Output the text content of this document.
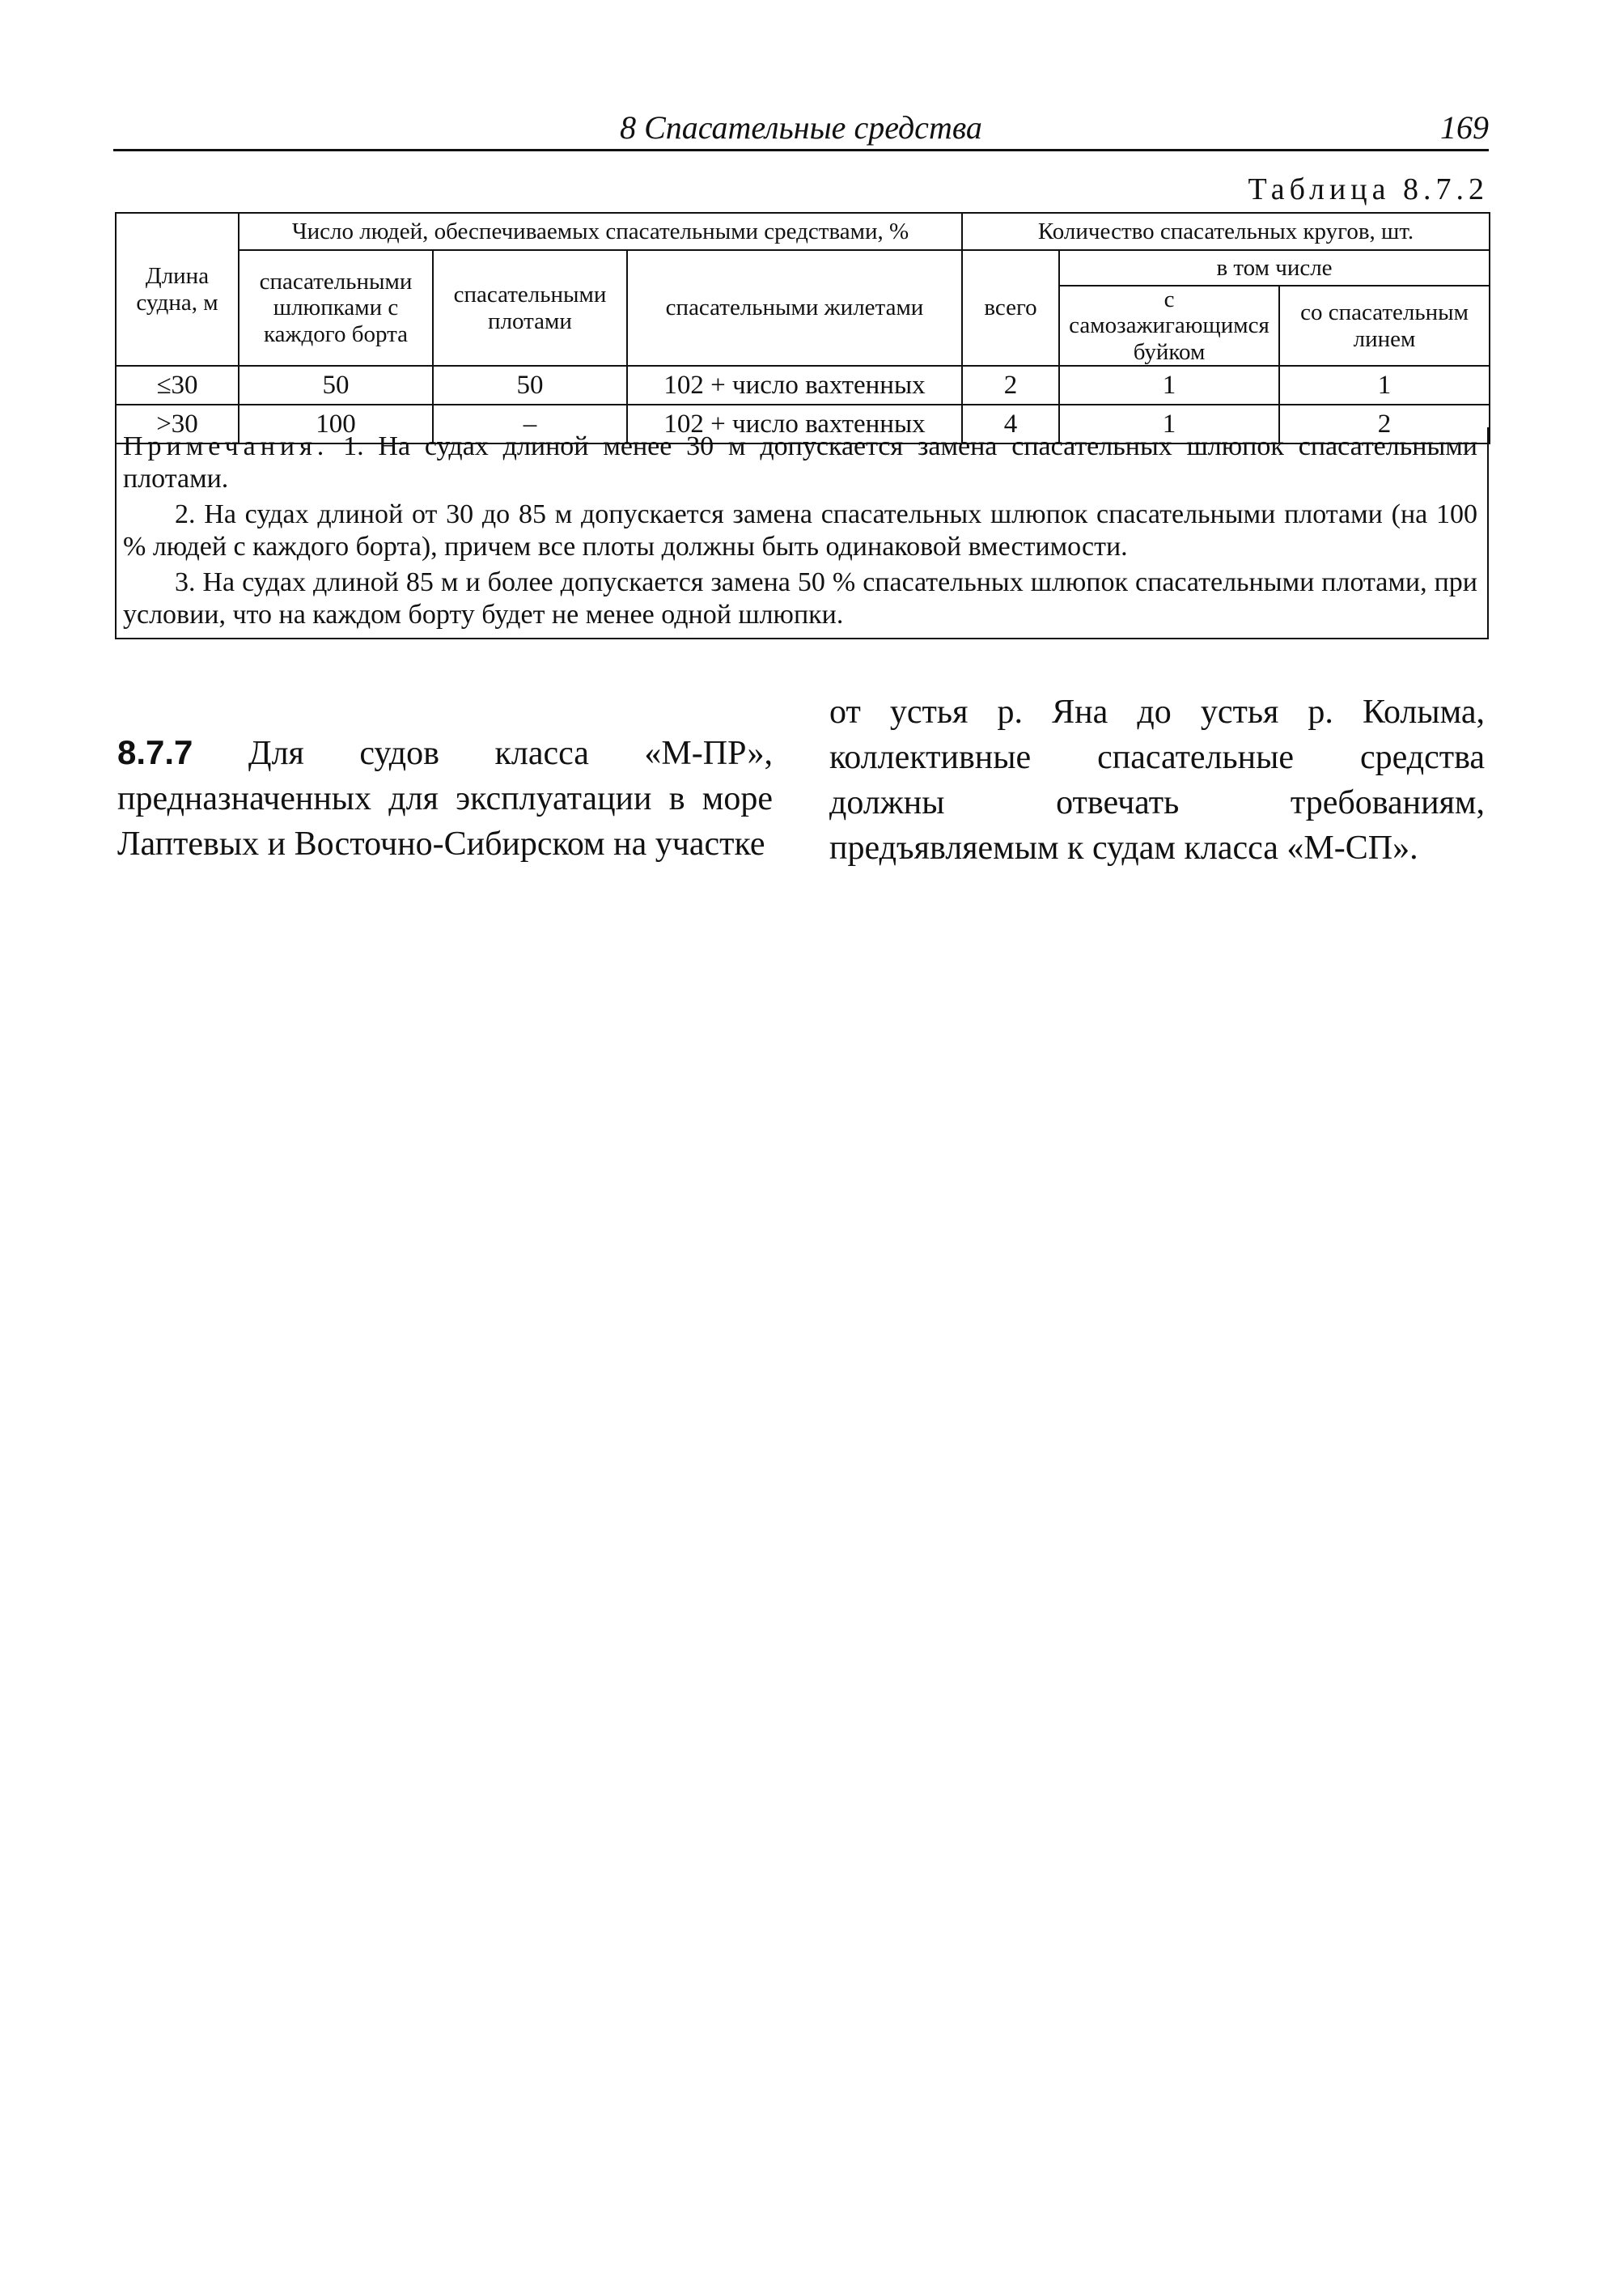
8 Спасательные средства	169
Таблица 8.7.2
Длина судна, м	Число людей, обеспечиваемых спасательными средствами, %			Количество спасательных кругов, шт.		
	спасательными шлюпками с каждого борта	спасательными плотами	спасательными жилетами	всего	в том числе	
					с самозажигающимся буйком	со спасательным линем
≤30	50	50	102 + число вахтенных	2	1	1
>30	100	–	102 + число вахтенных	4	1	2

Примечания. 1. На судах длиной менее 30 м допускается замена спасательных шлюпок спасательными плотами.

2. На судах длиной от 30 до 85 м допускается замена спасательных шлюпок спасательными плотами (на 100 % людей с каждого борта), причем все плоты должны быть одинаковой вместимости.

3. На судах длиной 85 м и более допускается замена 50 % спасательных шлюпок спасательными плотами, при условии, что на каждом борту будет не менее одной шлюпки.

8.7.7 Для судов класса «М-ПР», предназначенных для эксплуатации в море Лаптевых и Восточно-Сибирском на участке
от устья р. Яна до устья р. Колыма, коллективные спасательные средства должны отвечать требованиям, предъявляемым к судам класса «М-СП».
